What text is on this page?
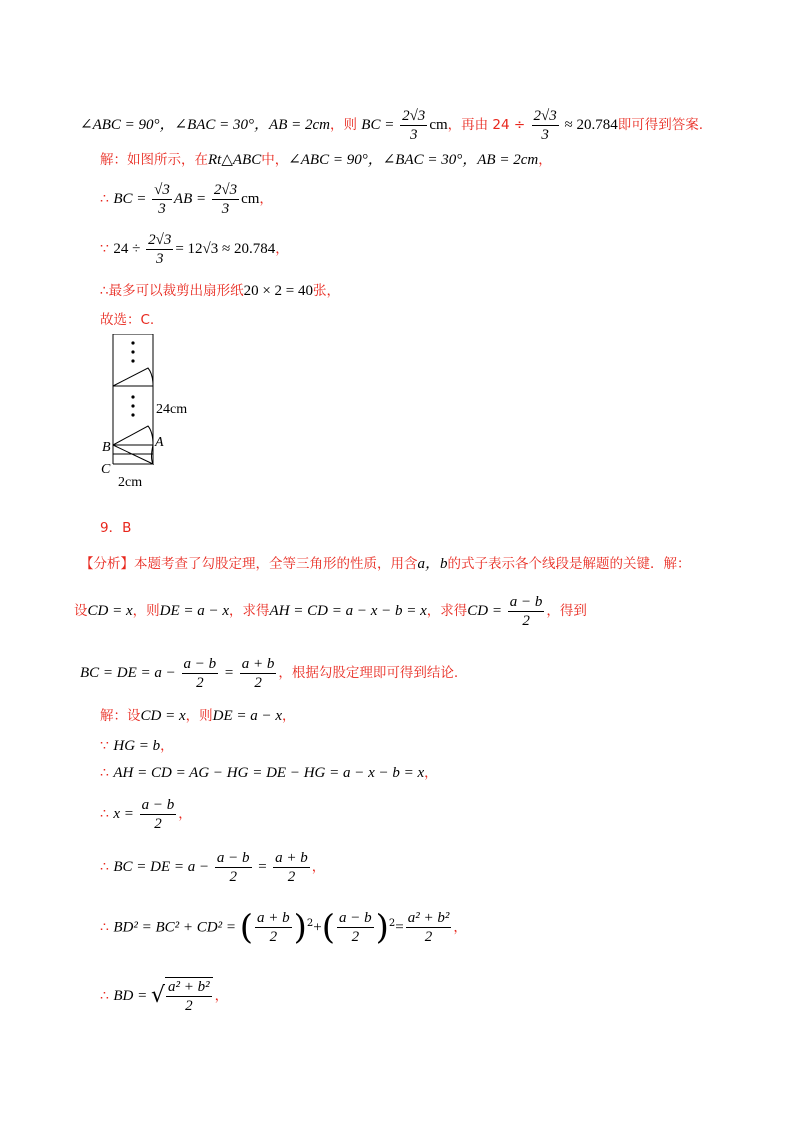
∠ABC = 90°，∠BAC = 30°，AB = 2cm，则 BC = $\frac{2√3}{3}$ cm，再由 $24 \div \frac{2√3}{3} \approx 20.784$即可得到答案.
解：如图所示，在Rt△ABC中，∠ABC = 90°，∠BAC = 30°，AB = 2cm，
∴ BC = $\frac{√3}{3}$ AB = $\frac{2√3}{3}$ cm，
∵ $24 \div \frac{2√3}{3} = 12√3 \approx 20.784$，
∴最多可以裁剪出扇形纸20 × 2 = 40张，
故选：C.
24cm
B	A
C
2cm
9．B
【分析】本题考查了勾股定理，全等三角形的性质，用含a，b的式子表示各个线段是解题的关键．解：
设CD = x，则DE = a − x，求得AH = CD = a − x − b = x，求得CD = $\frac{a - b}{2}$ ，得到
BC = DE = $a - \frac{a - b}{2} = \frac{a + b}{2}$ ，根据勾股定理即可得到结论.
解：设CD = x，则DE = a − x，
∵ HG = b，
∴ AH = CD = AG − HG = DE − HG = a − x − b = x，
∴ $x = \frac{a - b}{2}$ ，
∴ BC = DE = $a - \frac{a - b}{2} = \frac{a + b}{2}$ ，
∴ BD² = BC² + CD² = ( $\frac{a + b}{2} )^2+( \frac{a - b}{2} )^2= \frac{\text{a² + b²}}{2}$ ，
∴ BD = √ $\frac{\text{a² + b²}}{2}$ ，
